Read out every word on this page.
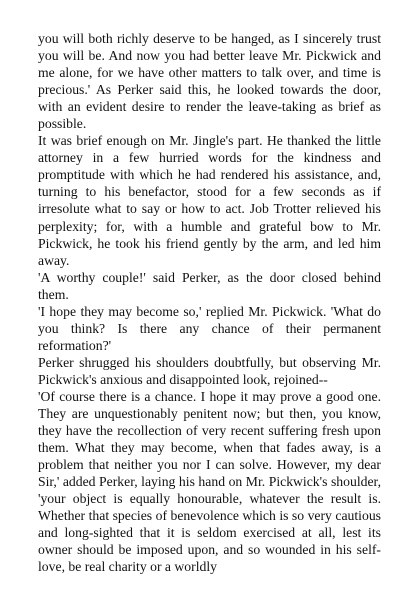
you will both richly deserve to be hanged, as I sincerely trust you will be. And now you had better leave Mr. Pickwick and me alone, for we have other matters to talk over, and time is precious.' As Perker said this, he looked towards the door, with an evident desire to render the leave-taking as brief as possible.

It was brief enough on Mr. Jingle's part. He thanked the little attorney in a few hurried words for the kindness and promptitude with which he had rendered his assistance, and, turning to his benefactor, stood for a few seconds as if irresolute what to say or how to act. Job Trotter relieved his perplexity; for, with a humble and grateful bow to Mr. Pickwick, he took his friend gently by the arm, and led him away.

'A worthy couple!' said Perker, as the door closed behind them.

'I hope they may become so,' replied Mr. Pickwick. 'What do you think? Is there any chance of their permanent reformation?'

Perker shrugged his shoulders doubtfully, but observing Mr. Pickwick's anxious and disappointed look, rejoined--

'Of course there is a chance. I hope it may prove a good one. They are unquestionably penitent now; but then, you know, they have the recollection of very recent suffering fresh upon them. What they may become, when that fades away, is a problem that neither you nor I can solve. However, my dear Sir,' added Perker, laying his hand on Mr. Pickwick's shoulder, 'your object is equally honourable, whatever the result is. Whether that species of benevolence which is so very cautious and long-sighted that it is seldom exercised at all, lest its owner should be imposed upon, and so wounded in his self-love, be real charity or a worldly
